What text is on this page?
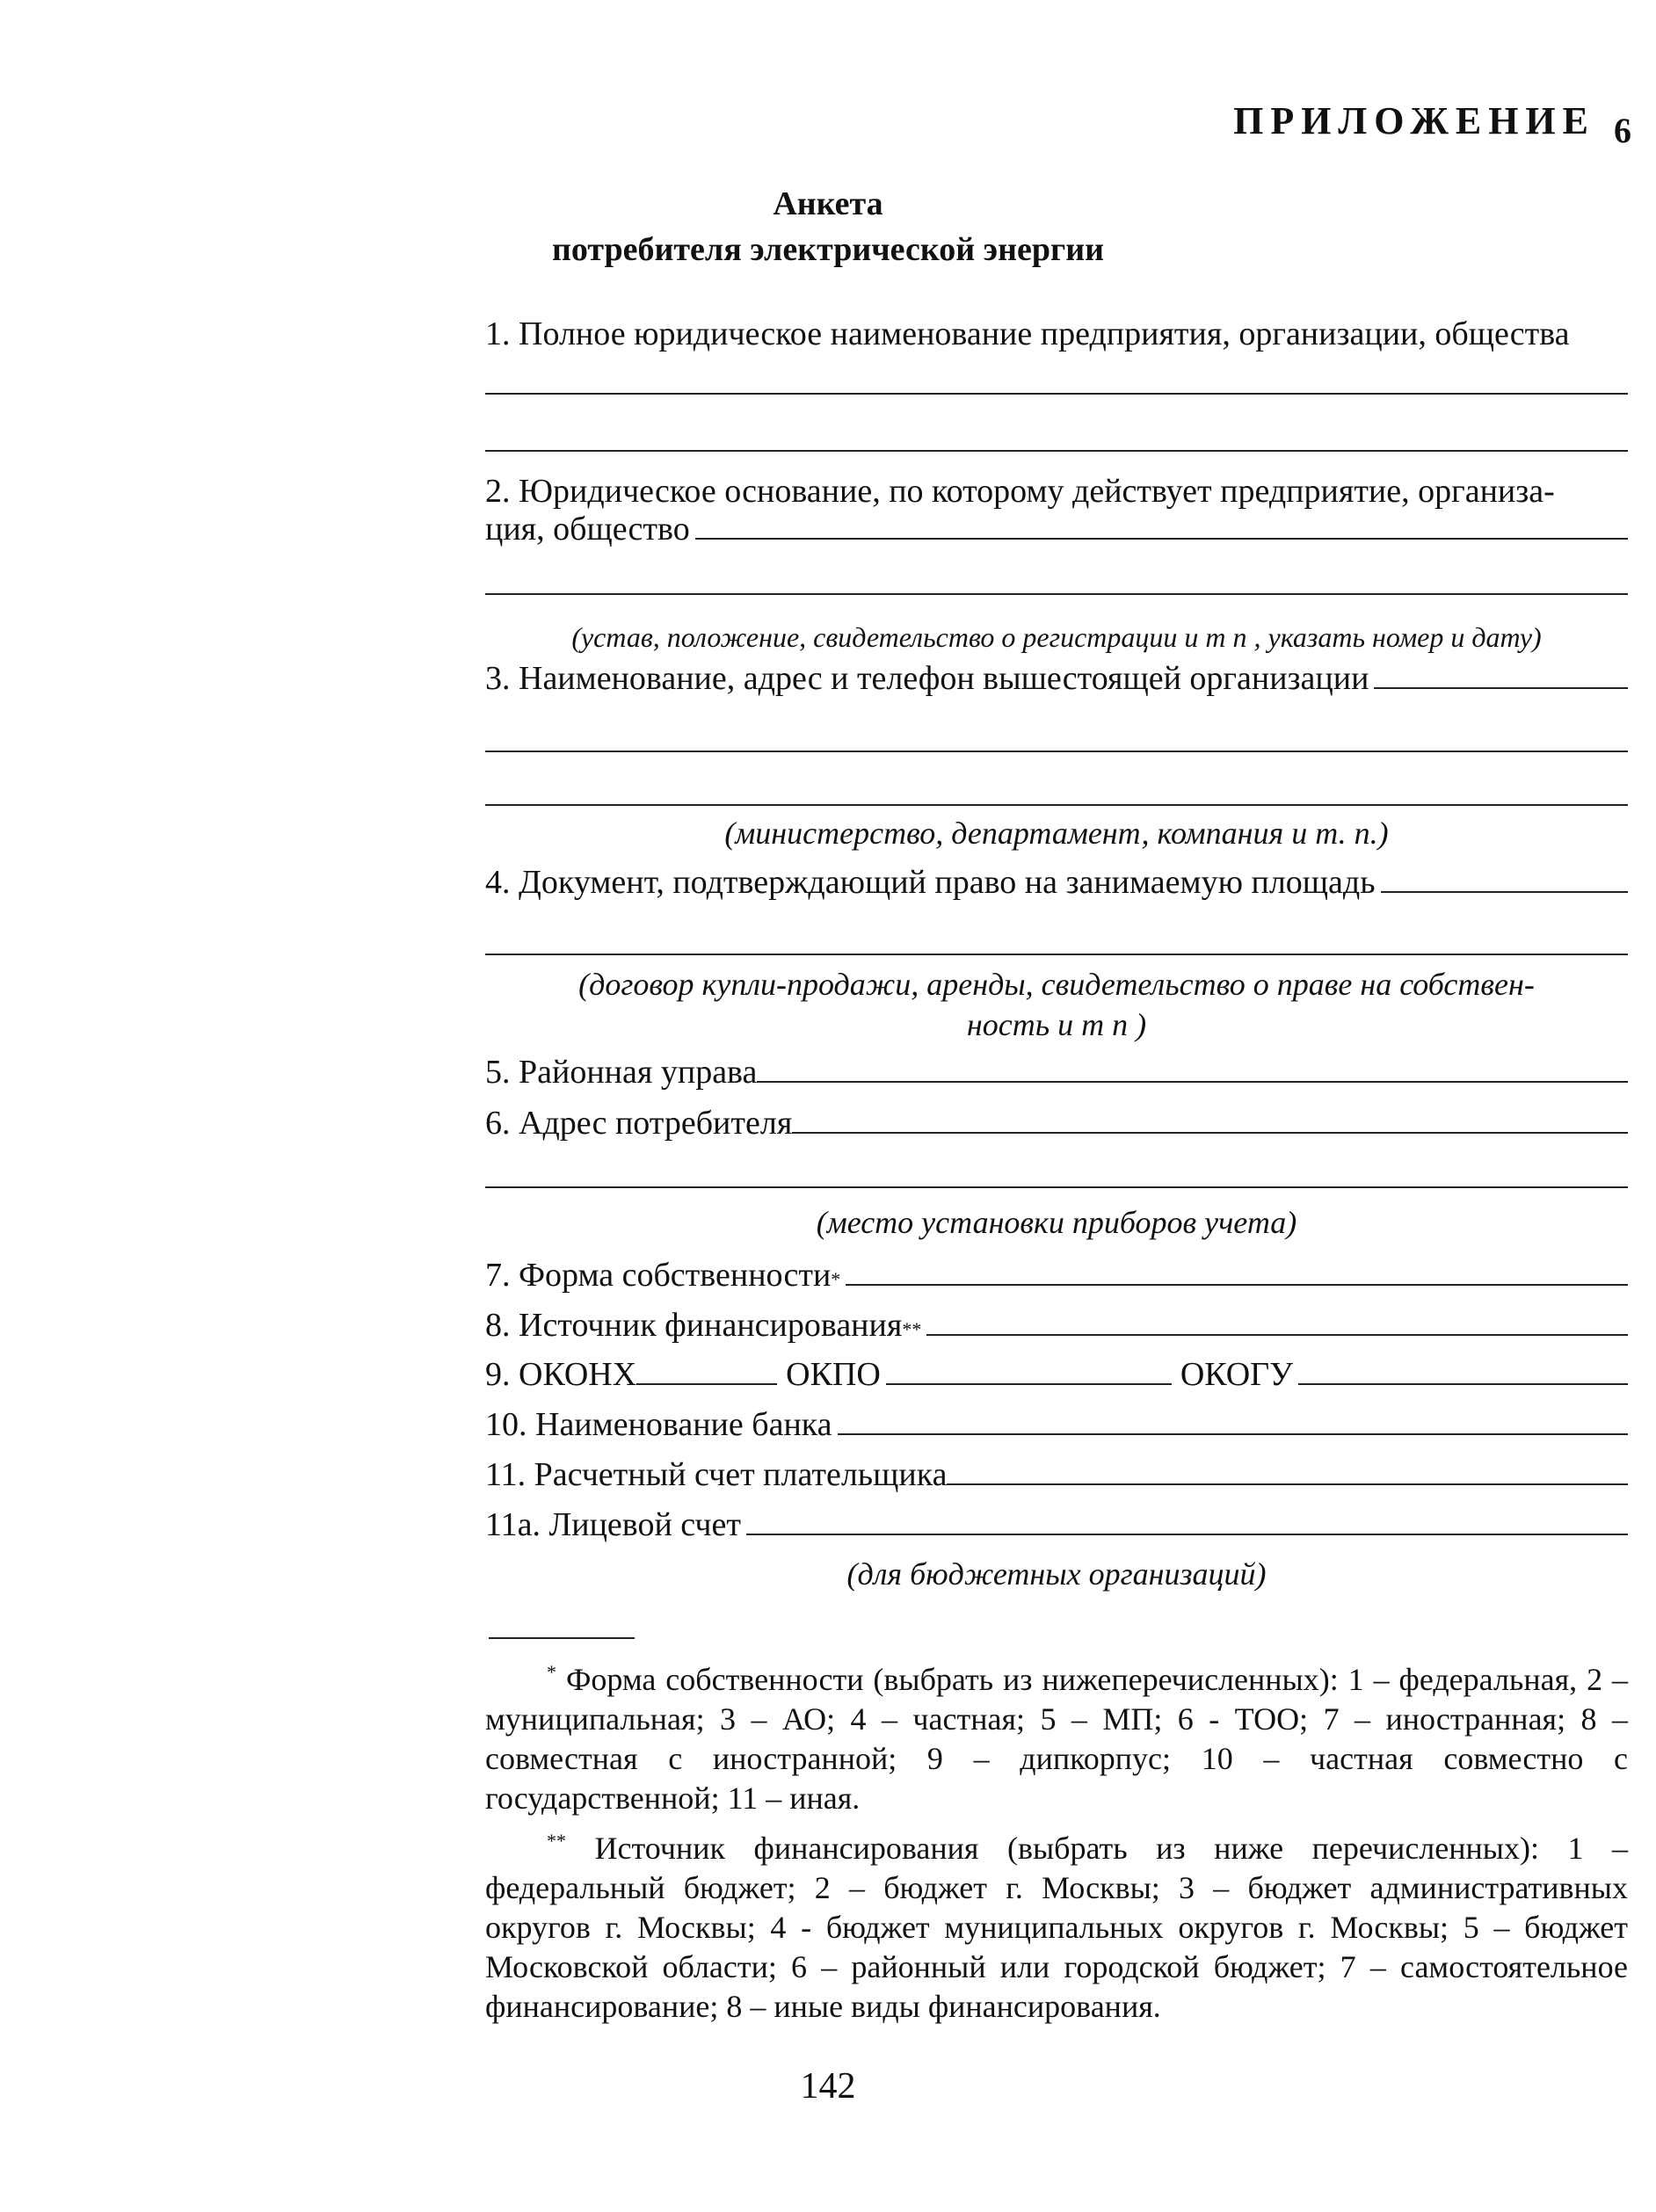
ПРИЛОЖЕНИЕ 6
Анкета
потребителя электрической энергии
1. Полное юридическое наименование предприятия, организации, общества
2. Юридическое основание, по которому действует предприятие, организа-
ция, общество
(устав, положение, свидетельство о регистрации и т п , указать номер и дату)
3. Наименование, адрес и телефон вышестоящей организации
(министерство, департамент, компания и т. п.)
4. Документ, подтверждающий право на занимаемую площадь
(договор купли-продажи, аренды, свидетельство о праве на собствен-
ность и т п )
5. Районная управа
6. Адрес потребителя
(место установки приборов учета)
7. Форма собственности *
8. Источник финансирования **
9. ОКОНХ	ОКПО	ОКОГУ
10. Наименование банка
11. Расчетный счет плательщика
11а. Лицевой счет
(для бюджетных организаций)
* Форма собственности (выбрать из нижеперечисленных): 1 – федеральная, 2 – муниципальная; 3 – АО; 4 – частная; 5 – МП; 6 - ТОО; 7 – иностранная; 8 – совместная с иностранной; 9 – дипкорпус; 10 – частная совместно с государственной; 11 – иная.
** Источник финансирования (выбрать из ниже перечисленных): 1 – федеральный бюджет; 2 – бюджет г. Москвы; 3 – бюджет административных округов г. Москвы; 4 - бюджет муниципальных округов г. Москвы; 5 – бюджет Московской области; 6 – районный или городской бюджет; 7 – самостоятельное финансирование; 8 – иные виды финансирования.
142
